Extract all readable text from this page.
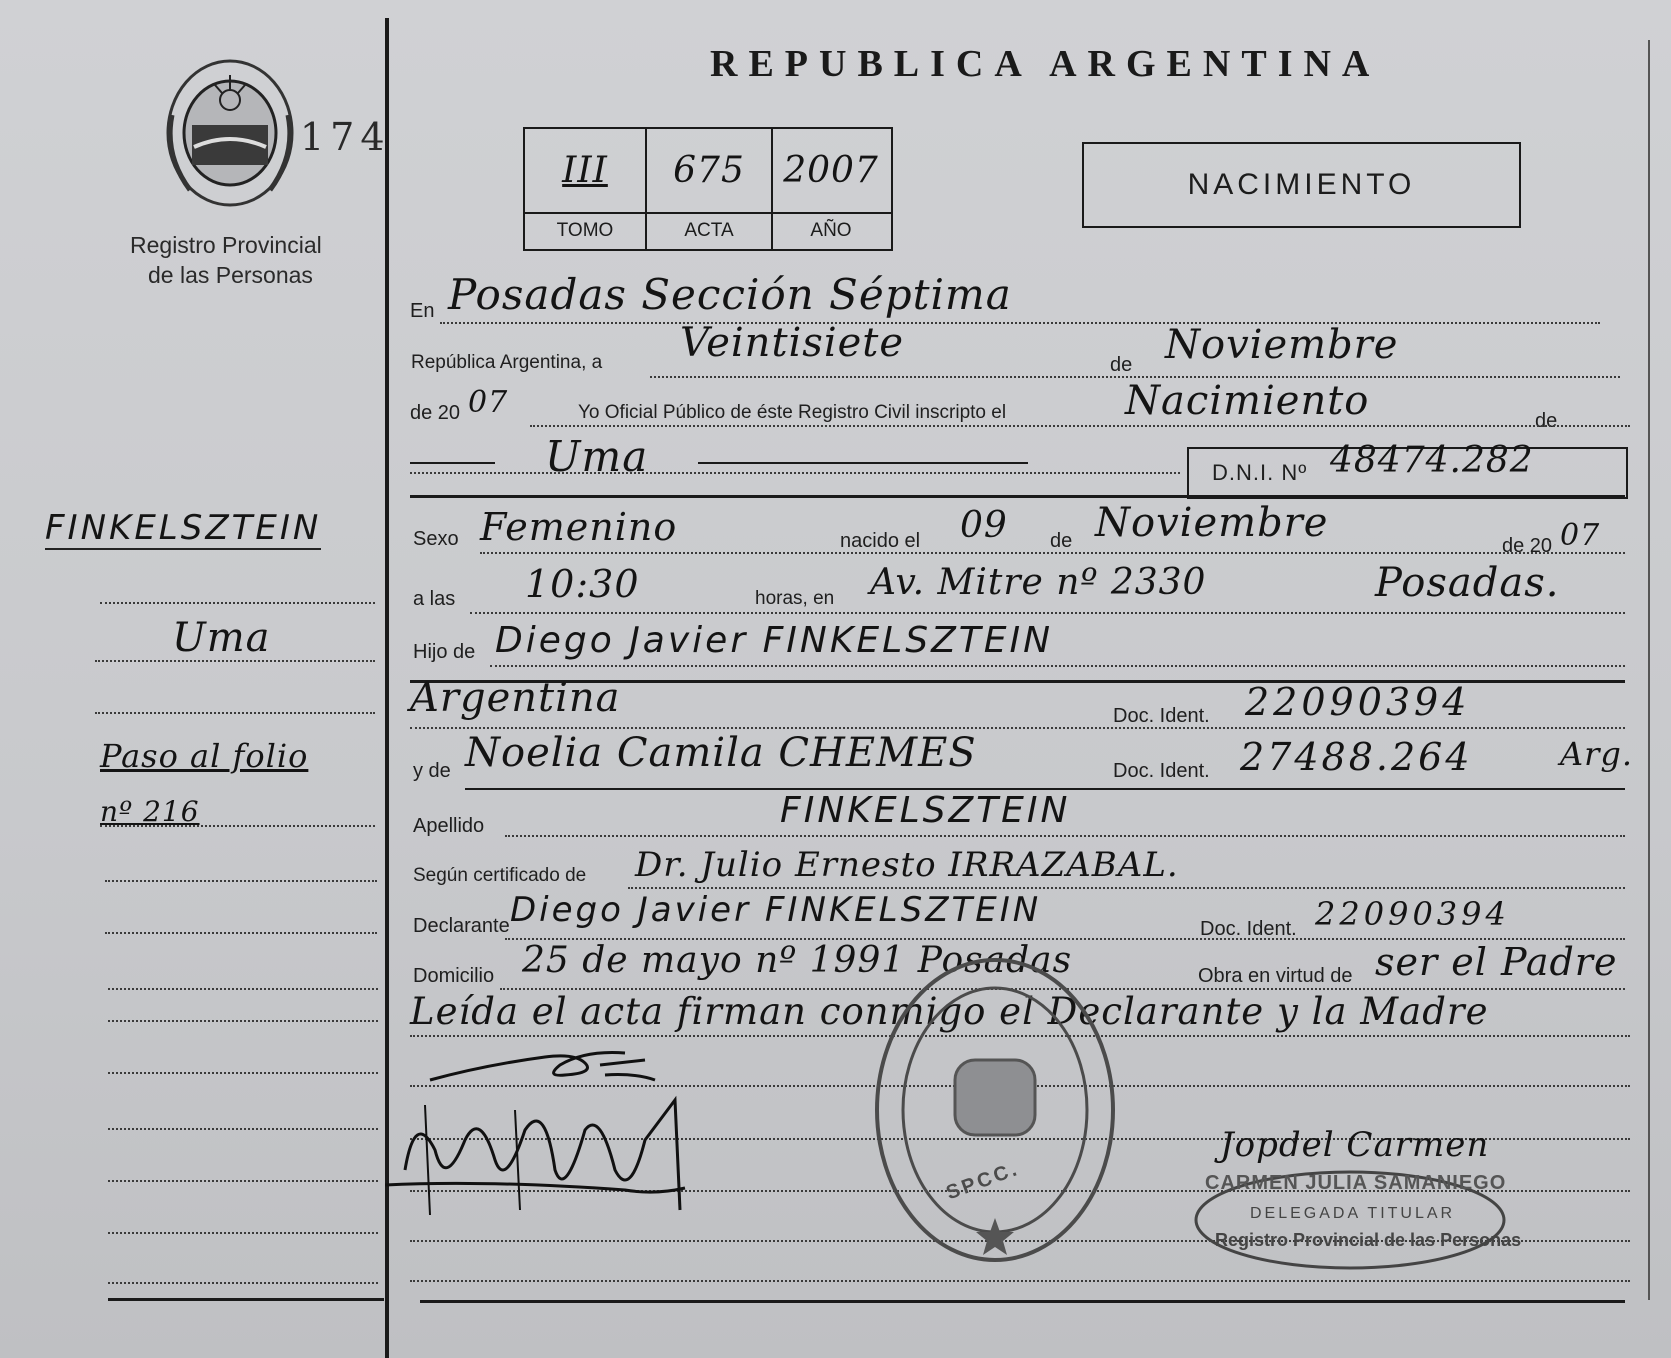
174
Registro Provincial
de las Personas
REPUBLICA ARGENTINA
III	675	2007
TOMO	ACTA	AÑO
NACIMIENTO
FINKELSZTEIN
Uma
Paso al folio
nº 216
En Posadas Sección Séptima
República Argentina, a Veintisiete	de Noviembre
de 20 07	Yo Oficial Público de éste Registro Civil inscripto el	Nacimiento	de
Uma	D.N.I. Nº 48474.282
Sexo Femenino	nacido el 09 de Noviembre	de 20 07
a las 10:30	horas, en Av. Mitre nº 2330	Posadas.
Hijo de Diego Javier FINKELSZTEIN
Argentina	Doc. Ident. 22090394
y de Noelia Camila CHEMES	Doc. Ident. 27488.264	Arg.
Apellido	FINKELSZTEIN
Según certificado de Dr. Julio Ernesto IRRAZABAL.
Declarante Diego Javier FINKELSZTEIN	Doc. Ident. 22090394
Domicilio 25 de mayo nº 1991 Posadas	Obra en virtud de ser el Padre
Leída el acta firman conmigo el Declarante y la Madre
SPCC.
Jopdel Carmen
CARMEN JULIA SAMANIEGO
DELEGADA TITULAR
Registro Provincial de las Personas
